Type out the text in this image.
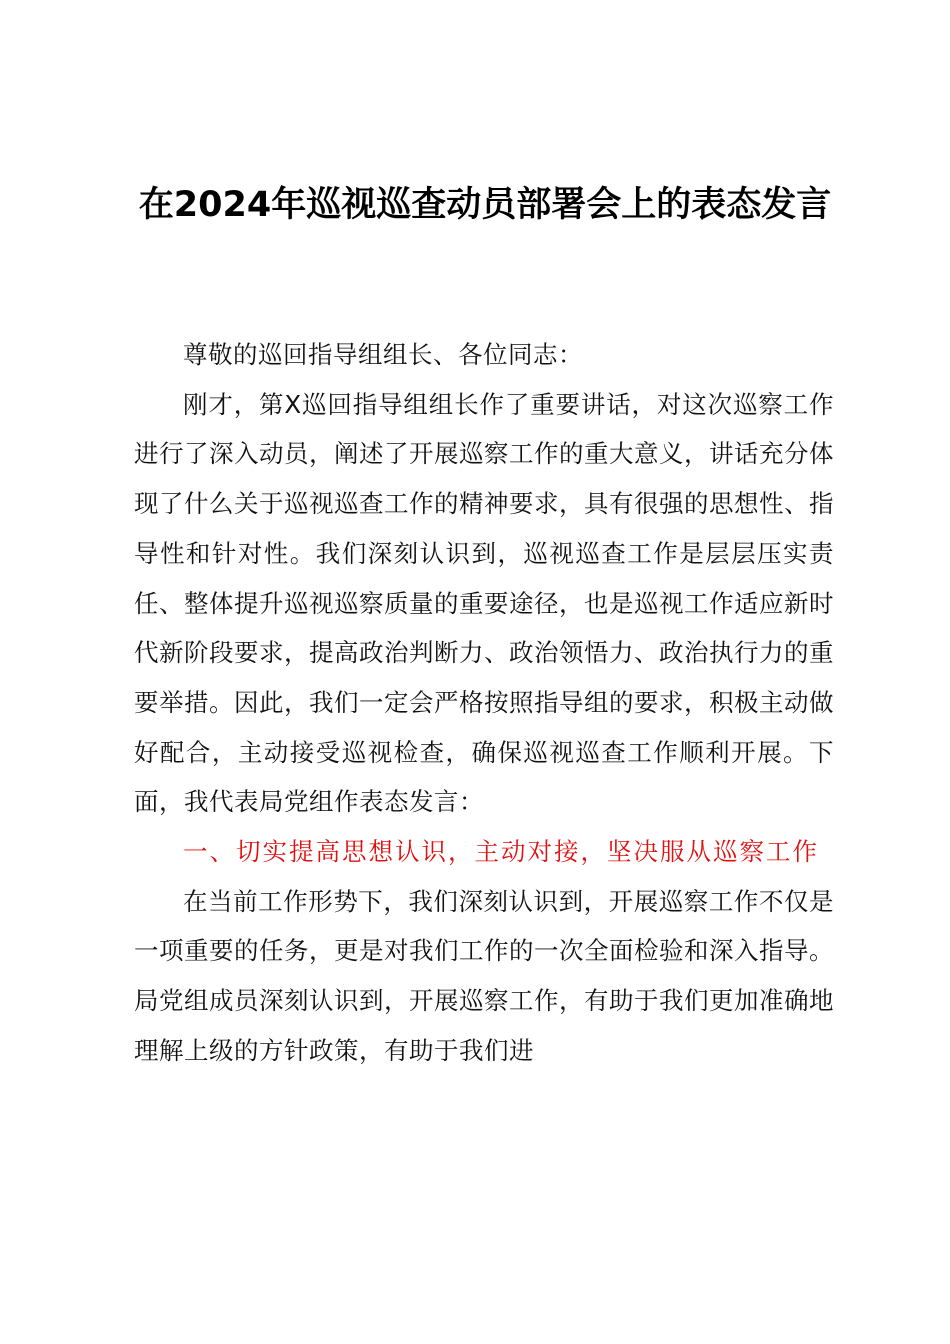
在2024年巡视巡查动员部署会上的表态发言

尊敬的巡回指导组组长、各位同志：

刚才，第X巡回指导组组长作了重要讲话，对这次巡察工作进行了深入动员，阐述了开展巡察工作的重大意义，讲话充分体现了什么关于巡视巡查工作的精神要求，具有很强的思想性、指导性和针对性。我们深刻认识到，巡视巡查工作是层层压实责任、整体提升巡视巡察质量的重要途径，也是巡视工作适应新时代新阶段要求，提高政治判断力、政治领悟力、政治执行力的重要举措。因此，我们一定会严格按照指导组的要求，积极主动做好配合，主动接受巡视检查，确保巡视巡查工作顺利开展。下面，我代表局党组作表态发言：

一、切实提高思想认识，主动对接，坚决服从巡察工作

在当前工作形势下，我们深刻认识到，开展巡察工作不仅是一项重要的任务，更是对我们工作的一次全面检验和深入指导。局党组成员深刻认识到，开展巡察工作，有助于我们更加准确地理解上级的方针政策，有助于我们进
